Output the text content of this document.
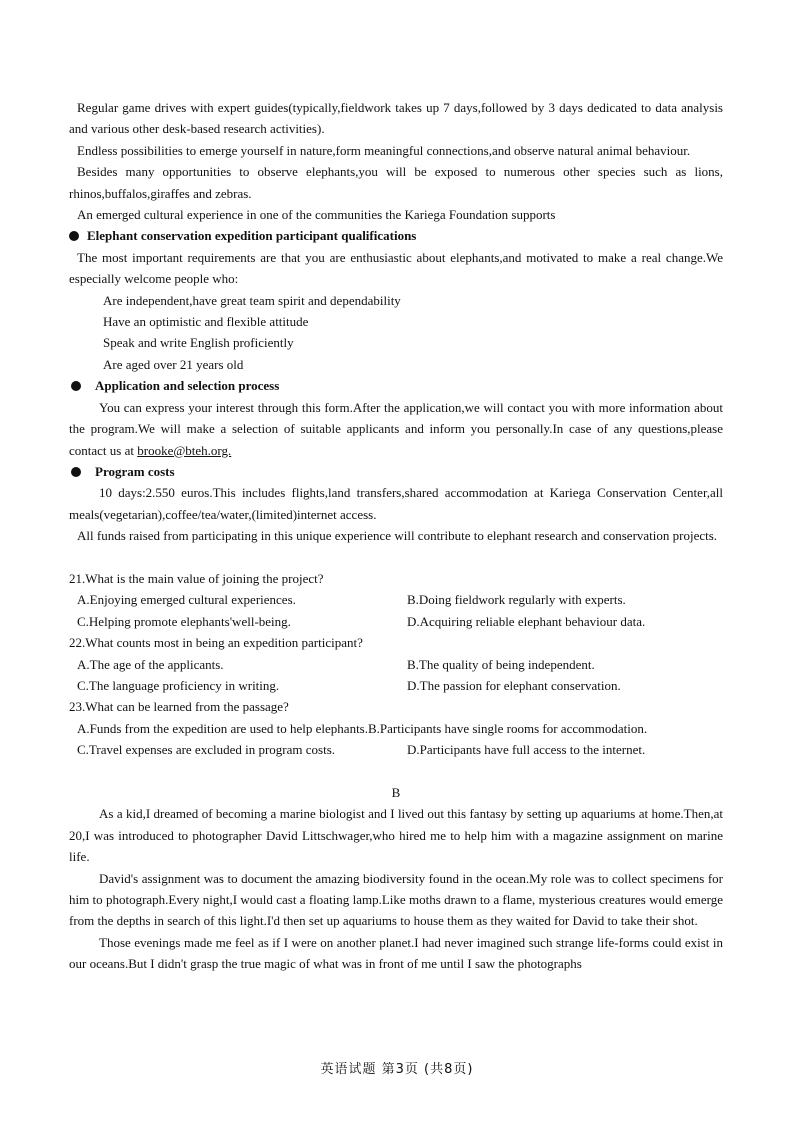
Regular game drives with expert guides(typically,fieldwork takes up 7 days,followed by 3 days dedicated to data analysis and various other desk-based research activities).

Endless possibilities to emerge yourself in nature,form meaningful connections,and observe natural animal behaviour.

Besides many opportunities to observe elephants,you will be exposed to numerous other species such as lions, rhinos,buffalos,giraffes and zebras.

An emerged cultural experience in one of the communities the Kariega Foundation supports

Elephant conservation expedition participant qualifications

The most important requirements are that you are enthusiastic about elephants,and motivated to make a real change.We especially welcome people who:

Are independent,have great team spirit and dependability
Have an optimistic and flexible attitude
Speak and write English proficiently
Are aged over 21 years old
Application and selection process

You can express your interest through this form.After the application,we will contact you with more information about the program.We will make a selection of suitable applicants and inform you personally.In case of any questions,please contact us at brooke@bteh.org.

Program costs

10 days:2.550 euros.This includes flights,land transfers,shared accommodation at Kariega Conservation Center,all meals(vegetarian),coffee/tea/water,(limited)internet access.

All funds raised from participating in this unique experience will contribute to elephant research and conservation projects.

21.What is the main value of joining the project?
A.Enjoying emerged cultural experiences.	B.Doing fieldwork regularly with experts.
C.Helping promote elephants'well-being.	D.Acquiring reliable elephant behaviour data.
22.What counts most in being an expedition participant?
A.The age of the applicants.	B.The quality of being independent.
C.The language proficiency in writing.	D.The passion for elephant conservation.
23.What can be learned from the passage?
A.Funds from the expedition are used to help elephants. B.Participants have single rooms for accommodation.
C.Travel expenses are excluded in program costs.	D.Participants have full access to the internet.
B

As a kid,I dreamed of becoming a marine biologist and I lived out this fantasy by setting up aquariums at home.Then,at 20,I was introduced to photographer David Littschwager,who hired me to help him with a magazine assignment on marine life.

David's assignment was to document the amazing biodiversity found in the ocean.My role was to collect specimens for him to photograph.Every night,I would cast a floating lamp.Like moths drawn to a flame, mysterious creatures would emerge from the depths in search of this light.I'd then set up aquariums to house them as they waited for David to take their shot.

Those evenings made me feel as if I were on another planet.I had never imagined such strange life-forms could exist in our oceans.But I didn't grasp the true magic of what was in front of me until I saw the photographs

英语试题 第3页 (共8页)
